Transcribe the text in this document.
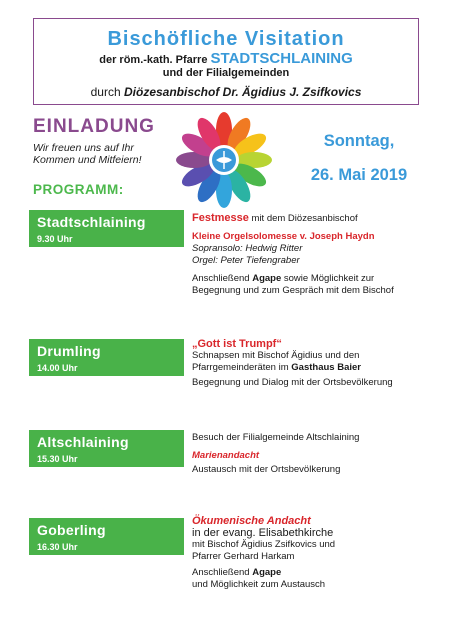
Bischöfliche Visitation
der röm.-kath. Pfarre STADTSCHLAINING
und der Filialgemeinden
durch Diözesanbischof Dr. Ägidius J. Zsifkovics
EINLADUNG
Wir freuen uns auf Ihr
Kommen und Mitfeiern!
PROGRAMM:
Sonntag,
26. Mai 2019
Stadtschlaining
9.30 Uhr
Festmesse mit dem Diözesanbischof
Kleine Orgelsolomesse v. Joseph Haydn
Sopransolo: Hedwig Ritter
Orgel: Peter Tiefengraber
Anschließend Agape sowie Möglichkeit zur
Begegnung und zum Gespräch mit dem Bischof
Drumling
14.00 Uhr
„Gott ist Trumpf“
Schnapsen mit Bischof Ägidius und den
Pfarrgemeinderäten im Gasthaus Baier
Begegnung und Dialog mit der Ortsbevölkerung
Altschlaining
15.30 Uhr
Besuch der Filialgemeinde Altschlaining
Marienandacht
Austausch mit der Ortsbevölkerung
Goberling
16.30 Uhr
Ökumenische Andacht
in der evang. Elisabethkirche
mit Bischof Ägidius Zsifkovics und
Pfarrer Gerhard Harkam
Anschließend Agape
und Möglichkeit zum Austausch
